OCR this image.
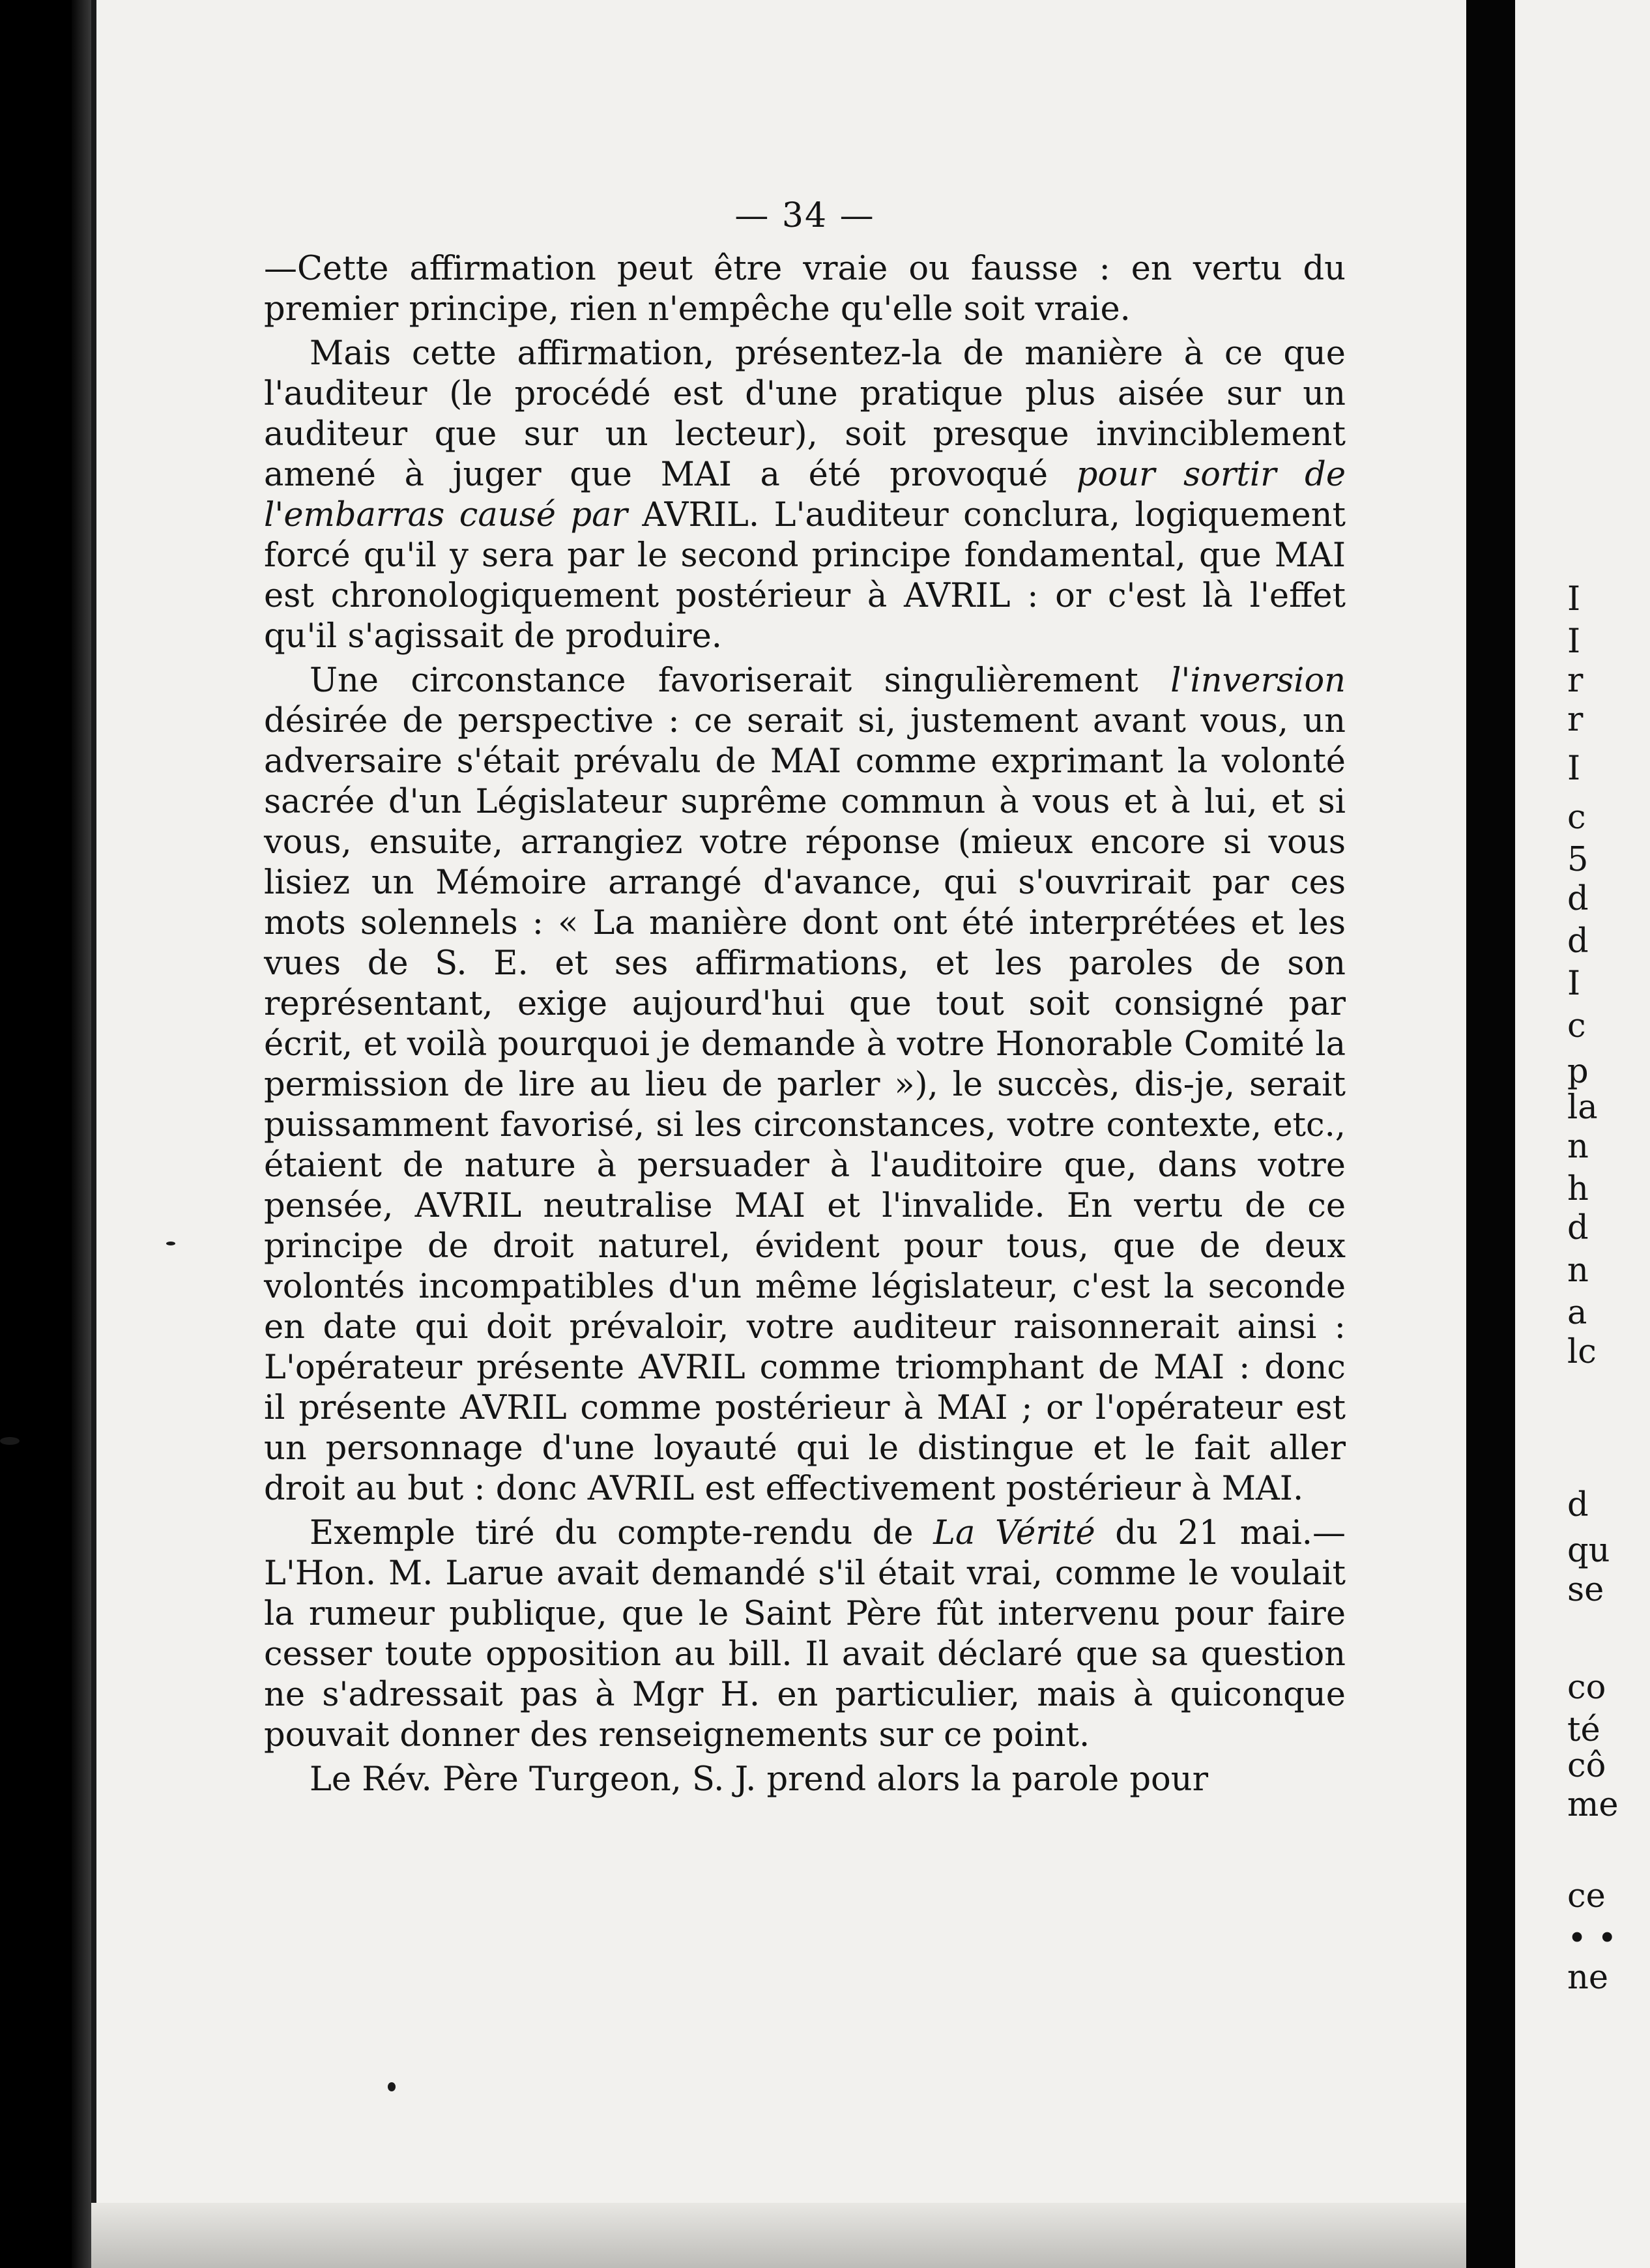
— 34 —

—Cette affirmation peut être vraie ou fausse : en vertu du premier principe, rien n'empêche qu'elle soit vraie.

Mais cette affirmation, présentez-la de manière à ce que l'auditeur (le procédé est d'une pratique plus aisée sur un auditeur que sur un lecteur), soit presque invinciblement amené à juger que MAI a été provoqué pour sortir de l'embarras causé par AVRIL. L'auditeur conclura, logiquement forcé qu'il y sera par le second principe fondamental, que MAI est chronologiquement postérieur à AVRIL : or c'est là l'effet qu'il s'agissait de produire.

Une circonstance favoriserait singulièrement l'inversion désirée de perspective : ce serait si, justement avant vous, un adversaire s'était prévalu de MAI comme exprimant la volonté sacrée d'un Législateur suprême commun à vous et à lui, et si vous, ensuite, arrangiez votre réponse (mieux encore si vous lisiez un Mémoire arrangé d'avance, qui s'ouvrirait par ces mots solennels : « La manière dont ont été interprétées et les vues de S. E. et ses affirmations, et les paroles de son représentant, exige aujourd'hui que tout soit consigné par écrit, et voilà pourquoi je demande à votre Honorable Comité la permission de lire au lieu de parler »), le succès, dis-je, serait puissamment favorisé, si les circonstances, votre contexte, etc., étaient de nature à persuader à l'auditoire que, dans votre pensée, AVRIL neutralise MAI et l'invalide. En vertu de ce principe de droit naturel, évident pour tous, que de deux volontés incompatibles d'un même législateur, c'est la seconde en date qui doit prévaloir, votre auditeur raisonnerait ainsi : L'opérateur présente AVRIL comme triomphant de MAI : donc il présente AVRIL comme postérieur à MAI ; or l'opérateur est un personnage d'une loyauté qui le distingue et le fait aller droit au but : donc AVRIL est effectivement postérieur à MAI.

Exemple tiré du compte-rendu de La Vérité du 21 mai.— L'Hon. M. Larue avait demandé s'il était vrai, comme le voulait la rumeur publique, que le Saint Père fût intervenu pour faire cesser toute opposition au bill. Il avait déclaré que sa question ne s'adressait pas à Mgr H. en particulier, mais à quiconque pouvait donner des renseignements sur ce point.

Le Rév. Père Turgeon, S. J. prend alors la parole pour

I
I
r
r
I
c
5
d
d
I
c
p
la
n
h
d
n
a
lc
d
qu
se
co
té
cô
me
ce
• •
ne
